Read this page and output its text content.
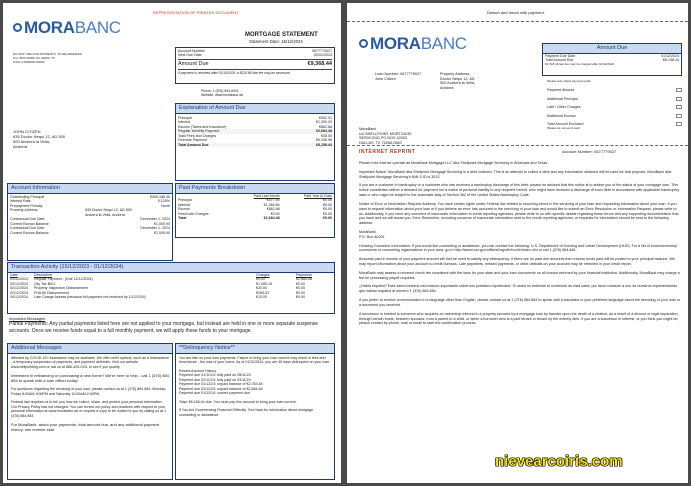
REPRESENTATION OF PRINTED DOCUMENT
MORA BANC
DO NOT USE FOR PAYMENTS, TO RE ADDRESS
P.O. BOX 00000 OC 00000, TX
0 011 0 0000000 00000
MORTGAGE STATEMENT
Statement Date: 15/12/2024
Account Number	0677779027
Next Due Date	02/02/2024
Amount Due	€9,368.44
If payment is received after 02/14/2024, a $128.86 late fee may be assessed
Phone: 1 (876) 894-6941
Website: www.morabanc.ad
JOHN CITIZEN
635 Doctor Nequi 12, AD 500
500 Andorra la Vella,
Andorra
Explanation of Amount Due
Principal	€592.01
Interest	€1,390.29
Escrow (Taxes and Insurance)	€862.88
Regular Monthly Payment	€2,684.48
Total Fees and Charges	€35.00
Overdue Payment	€5,438.96
Total Amount Due	€8,158.44
Account Information
Outstanding Principal	€309,186.35
Interest Rate	5.125%
Prepayment Penalty	None
Property Address	635 Doctor Nequi 12, AD 500
Andorra la Vella, Andorra

Contractual Due Date	December 1, 2024
Current Escrow Balance	€1,005.90
Contractual Due Date	December 1, 2024
Current Escrow Balance	€1,005.90
Past Payments Breakdown
	Paid Last Month	Paid Year to Date
Principal	€577.59	€0.00
Interest	€1,384.84	€0.00
Escrow	€862.88	€0.00
Fees/Late Charges	€0.00	€0.00
Total	€2,684.48	€0.00
Transaction Activity (15/12/2023 - 01/12/2024)
Date	Description	Charges	Payments
01/12/2024	Regular Payment - (Due 11/12/2024)	€0.00	€2,684.48
02/12/2024	City Tax Bill 2	€1,085.15	€0.00
02/12/2024	Property Inspection Disbursement	€20.00	€0.00
02/12/2024	FHA MI Disbursement	€269.23	€0.00
04/12/2024	Late Charge Assess (because full payment not received by 1/12/2024)	€15.00	€0.00
Important Messages
Partial Payments: Any partial payments listed here are not applied to your mortgage, but instead are held in one or more separate suspense accounts. Once we receive funds equal to a full monthly payment, we will apply those funds to your mortgage.
Additional Messages
Affected by COVID-19? Assistance may be available. We offer relief options, such as a forbearance - a temporary suspension of payments, and payment deferrals. Visit our website www.bellpointing.com or call us at 888-425-0111 to see if you qualify.
Interested in refinancing or purchasing a new home? We're here to help - call 1 (376) 884 884 to speak with a loan officer today!
For questions regarding the servicing of your loan, please contact us at 1 (376) 884 884. Monday-Friday 8:00AM-9:00PM and Saturday 10:00AM-2:00PM.
Federal law requires us to tell you how we collect, share, and protect your personal information. Our Privacy Policy has not changed. You can review our policy and practices with respect to your personal information at www.morabanc.ad or request a copy to be mailed to you by calling us at 1 (376) 884 884.
For MoraBank: about your payments, total amount due, and any additional payment history, see reverse side.
**Delinquency Notice**
You are late on your loan payments. Failure to bring your loan current may result in fees and foreclosure - the loss of your home. As of 01/12/2024, you are 45 days delinquent on your loan.
Recent Account History
Payment due 01/11/24: fully paid on 28/11/24
Payment due 02/11/24: fully paid on 03/11/24
Payment due 01/12/24: unpaid balance of €2,783.48
Payment due 02/12/24: unpaid balance of €2,684.48
Payment due 01/12/24: current payment due
Total: €8,158.44 due. You must pay this amount to bring your loan current.
If You Are Experiencing Financial Difficulty: See back for information about mortgage counseling or assistance.
Detach and return with payment.
MORA BANC
Loan Number: 0677779027
John Citizen
Property Address:
Doctor Nequi 12, AD
500 Andorra la Vella,
Andorra
Amount Due
Payment Due Date	01/12/2024
Total Amount Due	€8,158.44
€1,518.44 late fee may be charged after 02/12/2024
Please only check payment paid:
Payment Amount
Additional Principal
Late / Other Charges
Additional Escrow
Total Amount Enclosed
Please do not send cash
MoraBank
c/o SHELLPOINT MORTGAGE
SERVICING PO BOX 42003
DALLAS, TX 75266-0840
INTERNET REPRINT	Account Number: 0677779027
Please note that we operate as MoraBank Mortgage LLC dba Shellpoint Mortgage Servicing in Arkansas and Texas.
Important Notice: MoraBank dba Shellpoint Mortgage Servicing is a debt collector. This is an attempt to collect a debt and any information obtained will be used for that purpose. MoraBank dba Shellpoint Mortgage Servicing's NMLS ID is 3013.
If you are a customer in bankruptcy or a customer who has received a bankruptcy discharge of this debt: please be advised that this notice is to advise you of the status of your mortgage loan. This notice constitutes neither a demand for payment nor a notice of personal liability to any recipient hereof, who might have received a discharge of such debt in accordance with applicable bankruptcy laws or who might be subject to the automatic stay of Section 362 of the United States Bankruptcy Code.
Notice of Error or Information Request Address: You have certain rights under Federal law related to resolving errors in the servicing of your loan and requesting information about your loan. If you want to request information about your loan or if you believe an error has occurred in the servicing of your loan and would like to submit an Error Resolution or Information Request, please write to us. Additionally, if you have any concerns of inaccurate information to credit reporting agencies, please write to us with specific details regarding those errors and any supporting documentation that you have and we will assist you. Error Resolution, including concerns of inaccurate information sent to the credit reporting agencies, or requests for information should be sent to the following address:
MoraBank
P.O. Box A0201
Housing Counselor Information: If you would like counseling or assistance, you can contact the following: U.S. Department of Housing and Urban Development (HUD): For a list of homeownership counselors or counseling organizations in your area, go to http://www.hud.gov/offices/hsg/sfh/hcc/fc/index.cfm or call 1 (376) 884 884.
Amounts paid in excess of your payment amount will first be used to satisfy any delinquency. If there are no past due amounts then excess funds paid will be posted to your principal balance. We may report information about your account to credit bureaus. Late payments, missed payments, or other defaults on your account may be reflected in your credit report.
MoraBank may assess a returned check fee consistent with the laws for your state and your loan documents on all checks returned by your financial institution. Additionally, MoraBank may charge a fee for processing payoff requests.
¿Habla español? Esta carta contiene información importante sobre sus préstamo hipotecario. Si usted no entiende el contenido de esta carta, por favor contacte a uno de nuestros representantes que hablan español al número 1 (376) 884 884.
If you prefer to receive communication in a language other than English, please contact us at 1 (376) 884 884 to speak with a translator in your preferred language about the servicing of your loan or a document you received.
A successor in interest is someone who acquires an ownership interest in a property secured by a mortgage loan by transfer upon the death of a relative, as a result of a divorce or legal separation, through certain trusts, between spouses, from a parent to a child, or when a borrower who is a joint tenant or tenant by the entirety dies. If you are a successor in interest, or you think you might be, please contact by phone, mail or email to start the confirmation process.
nievearcoiris.com
